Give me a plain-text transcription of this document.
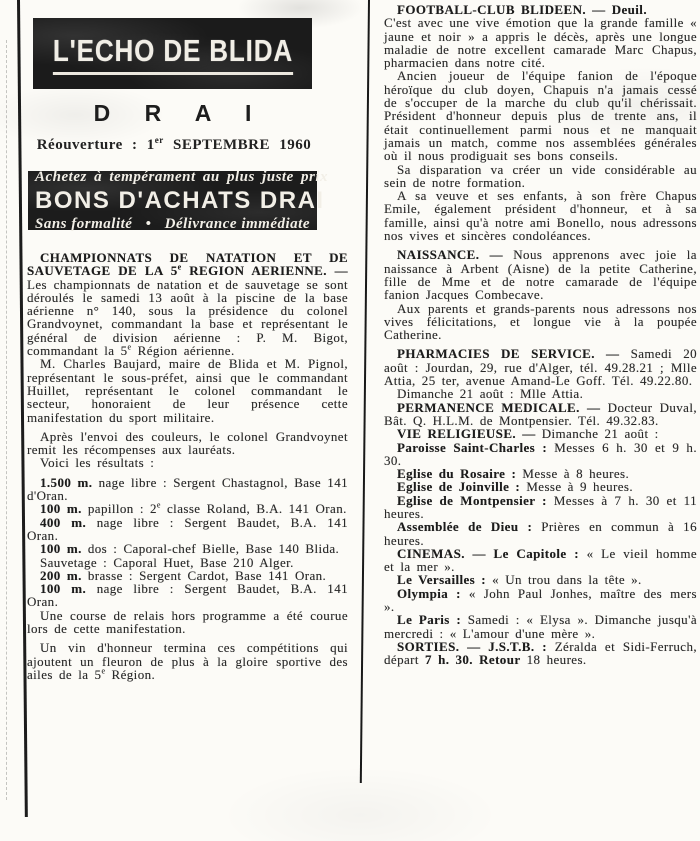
L'ECHO DE BLIDA
D R A I
Réouverture : 1er SEPTEMBRE 1960
Achetez à tempérament au plus juste prix
BONS D'ACHATS DRAI
Sans formalité • Délivrance immédiate

CHAMPIONNATS DE NATATION ET DE SAUVETAGE DE LA 5e REGION AERIENNE. — Les championnats de natation et de sauvetage se sont déroulés le samedi 13 août à la piscine de la base aérienne n° 140, sous la présidence du colonel Grandvoynet, commandant la base et représentant le général de division aérienne : P. M. Bigot, commandant la 5e Région aérienne.

M. Charles Baujard, maire de Blida et M. Pignol, représentant le sous-préfet, ainsi que le commandant Huillet, représentant le colonel commandant le secteur, honoraient de leur présence cette manifestation du sport militaire.

Après l'envoi des couleurs, le colonel Grandvoynet remit les récompenses aux lauréats.

Voici les résultats :

1.500 m. nage libre : Sergent Chastagnol, Base 141 d'Oran.

100 m. papillon : 2e classe Roland, B.A. 141 Oran.

400 m. nage libre : Sergent Baudet, B.A. 141 Oran.

100 m. dos : Caporal-chef Bielle, Base 140 Blida.

Sauvetage : Caporal Huet, Base 210 Alger.

200 m. brasse : Sergent Cardot, Base 141 Oran.

100 m. nage libre : Sergent Baudet, B.A. 141 Oran.

Une course de relais hors programme a été courue lors de cette manifestation.

Un vin d'honneur termina ces compétitions qui ajoutent un fleuron de plus à la gloire sportive des ailes de la 5e Région.

FOOTBALL-CLUB BLIDEEN. — Deuil.
C'est avec une vive émotion que la grande famille « jaune et noir » a appris le décès, après une longue maladie de notre excellent camarade Marc Chapus, pharmacien dans notre cité.

Ancien joueur de l'équipe fanion de l'époque héroïque du club doyen, Chapuis n'a jamais cessé de s'occuper de la marche du club qu'il chérissait. Président d'honneur depuis plus de trente ans, il était continuellement parmi nous et ne manquait jamais un match, comme nos assemblées générales où il nous prodiguait ses bons conseils.

Sa disparation va créer un vide considérable au sein de notre formation.

A sa veuve et ses enfants, à son frère Chapus Emile, également président d'honneur, et à sa famille, ainsi qu'à notre ami Bonello, nous adressons nos vives et sincères condoléances.

NAISSANCE. — Nous apprenons avec joie la naissance à Arbent (Aisne) de la petite Catherine, fille de Mme et de notre camarade de l'équipe fanion Jacques Combecave.

Aux parents et grands-parents nous adressons nos vives félicitations, et longue vie à la poupée Catherine.

PHARMACIES DE SERVICE. — Samedi 20 août : Jourdan, 29, rue d'Alger, tél. 49.28.21 ; Mlle Attia, 25 ter, avenue Amand-Le Goff. Tél. 49.22.80.

Dimanche 21 août : Mlle Attia.

PERMANENCE MEDICALE. — Docteur Duval, Bât. Q. H.L.M. de Montpensier. Tél. 49.32.83.

VIE RELIGIEUSE. — Dimanche 21 août :

Paroisse Saint-Charles : Messes 6 h. 30 et 9 h. 30.

Eglise du Rosaire : Messe à 8 heures.

Eglise de Joinville : Messe à 9 heures.

Eglise de Montpensier : Messes à 7 h. 30 et 11 heures.

Assemblée de Dieu : Prières en commun à 16 heures.

CINEMAS. — Le Capitole : « Le vieil homme et la mer ».

Le Versailles : « Un trou dans la tête ».

Olympia : « John Paul Jonhes, maître des mers ».

Le Paris : Samedi : « Elysa ». Dimanche jusqu'à mercredi : « L'amour d'une mère ».

SORTIES. — J.S.T.B. : Zéralda et Sidi-Ferruch, départ 7 h. 30. Retour 18 heures.
